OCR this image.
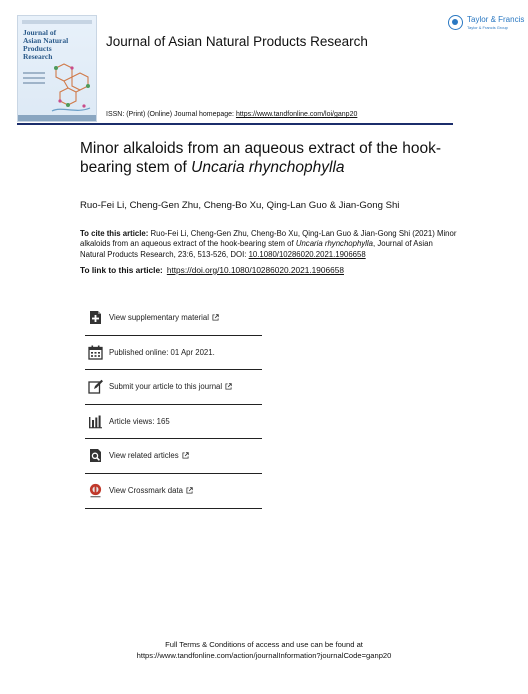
Journal of Asian Natural Products Research
Journal of Asian Natural Products Research
Taylor & Francis
Taylor & Francis Group
ISSN: (Print) (Online) Journal homepage: https://www.tandfonline.com/loi/ganp20
Minor alkaloids from an aqueous extract of the hook-bearing stem of Uncaria rhynchophylla
Ruo-Fei Li, Cheng-Gen Zhu, Cheng-Bo Xu, Qing-Lan Guo & Jian-Gong Shi
To cite this article: Ruo-Fei Li, Cheng-Gen Zhu, Cheng-Bo Xu, Qing-Lan Guo & Jian-Gong Shi (2021) Minor alkaloids from an aqueous extract of the hook-bearing stem of Uncaria rhynchophylla, Journal of Asian Natural Products Research, 23:6, 513-526, DOI: 10.1080/10286020.2021.1906658
To link to this article: https://doi.org/10.1080/10286020.2021.1906658
View supplementary material
Published online: 01 Apr 2021.
Submit your article to this journal
Article views: 165
View related articles
View Crossmark data
Full Terms & Conditions of access and use can be found at
https://www.tandfonline.com/action/journalInformation?journalCode=ganp20
